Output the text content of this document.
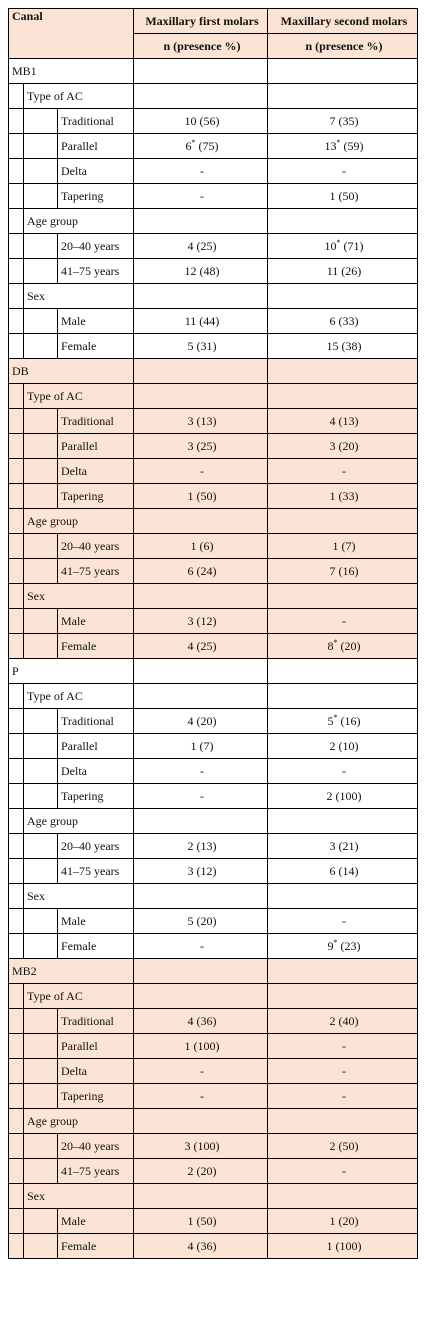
Canal			Maxillary first molars	Maxillary second molars
			n (presence %)	n (presence %)
MB1				
	Type of AC			
		Traditional	10 (56)	7 (35)
		Parallel	6* (75)	13* (59)
		Delta	-	-
		Tapering	-	1 (50)
	Age group			
		20–40 years	4 (25)	10* (71)
		41–75 years	12 (48)	11 (26)
	Sex			
		Male	11 (44)	6 (33)
		Female	5 (31)	15 (38)
DB				
	Type of AC			
		Traditional	3 (13)	4 (13)
		Parallel	3 (25)	3 (20)
		Delta	-	-
		Tapering	1 (50)	1 (33)
	Age group			
		20–40 years	1 (6)	1 (7)
		41–75 years	6 (24)	7 (16)
	Sex			
		Male	3 (12)	-
		Female	4 (25)	8* (20)
P				
	Type of AC			
		Traditional	4 (20)	5* (16)
		Parallel	1 (7)	2 (10)
		Delta	-	-
		Tapering	-	2 (100)
	Age group			
		20–40 years	2 (13)	3 (21)
		41–75 years	3 (12)	6 (14)
	Sex			
		Male	5 (20)	-
		Female	-	9* (23)
MB2				
	Type of AC			
		Traditional	4 (36)	2 (40)
		Parallel	1 (100)	-
		Delta	-	-
		Tapering	-	-
	Age group			
		20–40 years	3 (100)	2 (50)
		41–75 years	2 (20)	-
	Sex			
		Male	1 (50)	1 (20)
		Female	4 (36)	1 (100)
